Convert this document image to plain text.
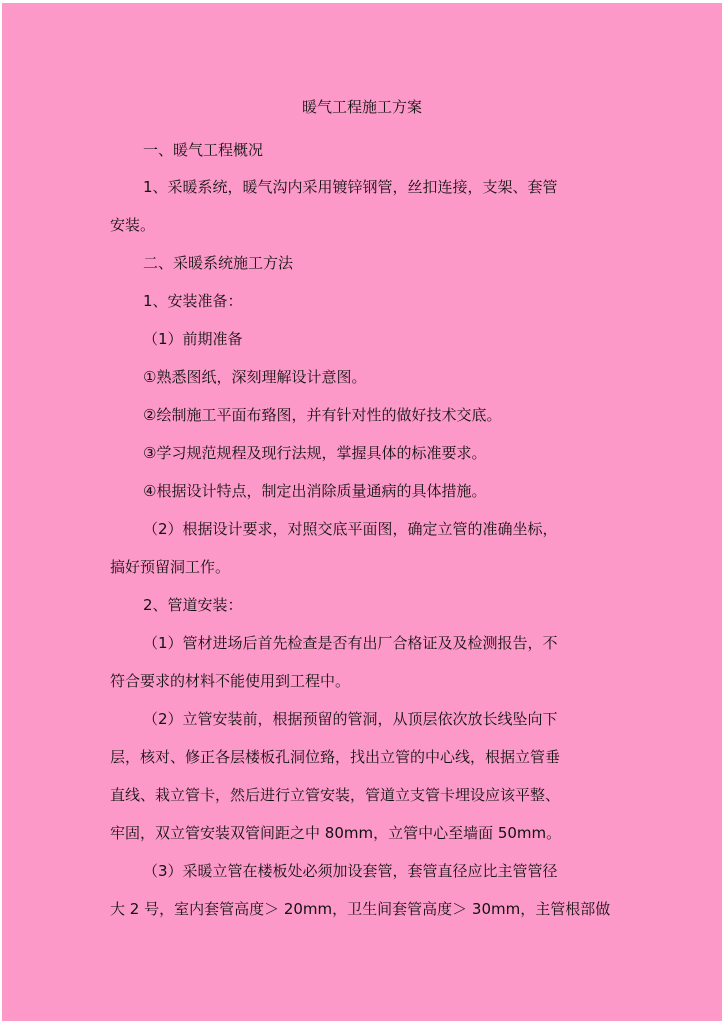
暖气工程施工方案
一、暖气工程概况
1、采暖系统，暖气沟内采用镀锌钢管，丝扣连接，支架、套管
安装。
二、采暖系统施工方法
1、安装准备：
（1）前期准备
①熟悉图纸，深刻理解设计意图。
②绘制施工平面布臵图，并有针对性的做好技术交底。
③学习规范规程及现行法规，掌握具体的标准要求。
④根据设计特点，制定出消除质量通病的具体措施。
（2）根据设计要求，对照交底平面图，确定立管的准确坐标，
搞好预留洞工作。
2、管道安装：
（1）管材进场后首先检查是否有出厂合格证及及检测报告，不
符合要求的材料不能使用到工程中。
（2）立管安装前，根据预留的管洞，从顶层依次放长线坠向下
层，核对、修正各层楼板孔洞位臵，找出立管的中心线，根据立管垂
直线、栽立管卡，然后进行立管安装，管道立支管卡埋设应该平整、
牢固，双立管安装双管间距之中 80mm，立管中心至墙面 50mm。
（3）采暖立管在楼板处必须加设套管，套管直径应比主管管径
大 2 号，室内套管高度＞ 20mm，卫生间套管高度＞ 30mm，主管根部做
